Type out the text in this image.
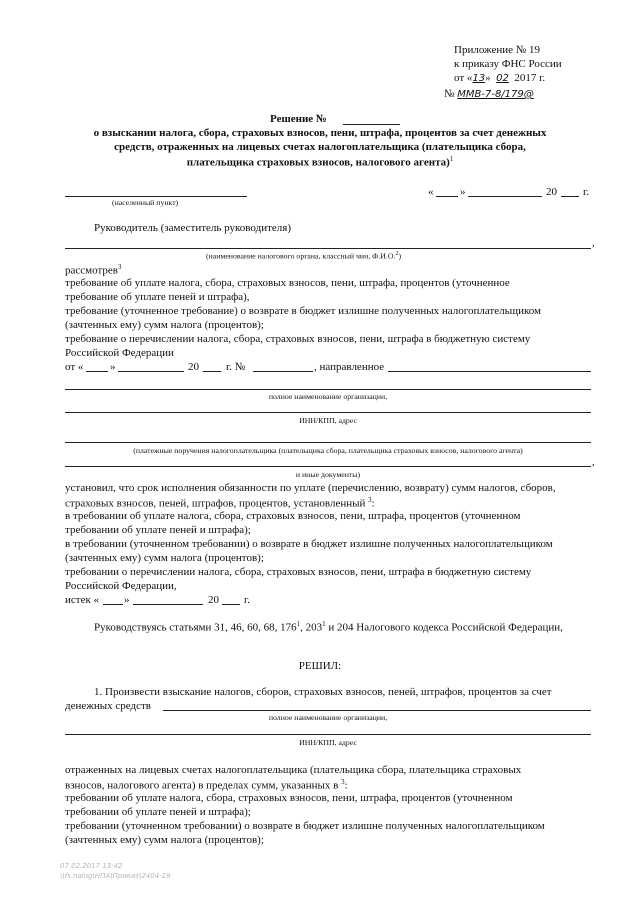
Приложение № 19
к приказу ФНС России
от «13» 02 2017 г.
№ ММВ-7-8/179@
Решение №
о взыскании налога, сбора, страховых взносов, пени, штрафа, процентов за счет денежных
средств, отраженных на лицевых счетах налогоплательщика (плательщика сбора,
плательщика страховых взносов, налогового агента)$^1$
(населенный пункт)
« »	20 г.
Руководитель (заместитель руководителя)
,
(наименование налогового органа, классный чин, Ф.И.О.$^2$)
рассмотрев$^3$
требование об уплате налога, сбора, страховых взносов, пени, штрафа, процентов (уточненное
требование об уплате пеней и штрафа),
требование (уточненное требование) о возврате в бюджет излишне полученных налогоплательщиком
(зачтенных ему) сумм налога (процентов);
требование о перечислении налога, сбора, страховых взносов, пени, штрафа в бюджетную систему
Российской Федерации
от « »	20 г. №	, направленное
полное наименование организации,
ИНН/КПП, адрес
(платежные поручения налогоплательщика (плательщика сбора, плательщика страховых взносов, налогового агента)
,
и иные документы)
установил, что срок исполнения обязанности по уплате (перечислению, возврату) сумм налогов, сборов,
страховых взносов, пеней, штрафов, процентов, установленный $^3$:
в требовании об уплате налога, сбора, страховых взносов, пени, штрафа, процентов (уточненном
требовании об уплате пеней и штрафа);
в требовании (уточненном требовании) о возврате в бюджет излишне полученных налогоплательщиком
(зачтенных ему) сумм налога (процентов);
требовании о перечислении налога, сбора, страховых взносов, пени, штрафа в бюджетную систему
Российской Федерации,
истек « »	20 г.
Руководствуясь статьями 31, 46, 60, 68, $176^1$, $203^1$ и 204 Налогового кодекса Российской Федерации,
РЕШИЛ:
1. Произвести взыскание налогов, сборов, страховых взносов, пеней, штрафов, процентов за счет
денежных средств
полное наименование организации,
ИНН/КПП, адрес
отраженных на лицевых счетах налогоплательщика (плательщика сбора, плательщика страховых
взносов, налогового агента) в пределах сумм, указанных в $^3$:
требовании об уплате налога, сбора, страховых взносов, пени, штрафа, процентов (уточненном
требовании об уплате пеней и штрафа);
требовании (уточненном требовании) о возврате в бюджет излишне полученных налогоплательщиком
(зачтенных ему) сумм налога (процентов);
07.02.2017 13:42
\\fs.nalog\НПА\Приказ\2404-19
